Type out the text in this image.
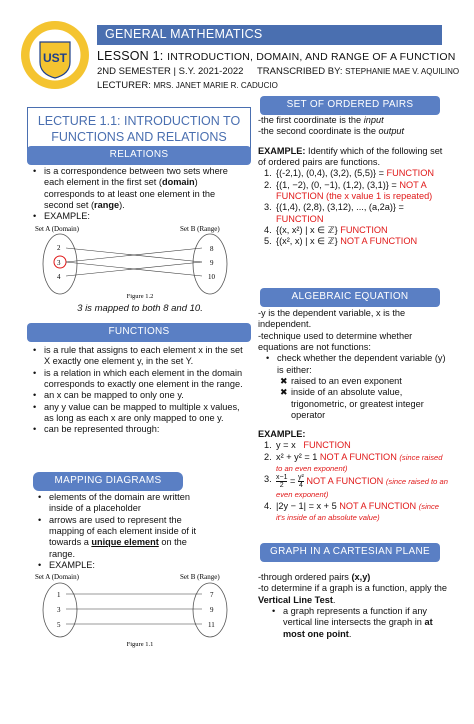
UST
GENERAL MATHEMATICS
LESSON 1: INTRODUCTION, DOMAIN, AND RANGE OF A FUNCTION
2ND SEMESTER | S.Y. 2021-2022 TRANSCRIBED BY: STEPHANIE MAE V. AQUILINO
LECTURER: MRS. JANET MARIE R. CADUCIO
LECTURE 1.1: INTRODUCTION TO FUNCTIONS AND RELATIONS
RELATIONS
• is a correspondence between two sets where each element in the first set (domain) corresponds to at least one element in the second set (range).
• EXAMPLE:
Set A (Domain)	Set B (Range)
2
3
4
8
9
10
Figure 1.2
3 is mapped to both 8 and 10.
FUNCTIONS
• is a rule that assigns to each element x in the set X exactly one element y, in the set Y.
• is a relation in which each element in the domain corresponds to exactly one element in the range.
• an x can be mapped to only one y.
• any y value can be mapped to multiple x values, as long as each x are only mapped to one y.
• can be represented through:
MAPPING DIAGRAMS
• elements of the domain are written inside of a placeholder
• arrows are used to represent the mapping of each element inside of it towards a unique element on the range.
• EXAMPLE:
Set A (Domain)	Set B (Range)
1
3
5
7
9
11
Figure 1.1
SET OF ORDERED PAIRS
-the first coordinate is the input
-the second coordinate is the output
EXAMPLE: Identify which of the following set of ordered pairs are functions.
1. {(-2,1), (0,4), (3,2), (5,5)} = FUNCTION
2. {(1, −2), (0, −1), (1,2), (3,1)} = NOT A FUNCTION (the x value 1 is repeated)
3. {(1,4), (2,8), (3,12), ..., (a,2a)} = FUNCTION
4. {(x, x²) | x ∈ ℤ} FUNCTION
5. {(x², x) | x ∈ ℤ} NOT A FUNCTION
ALGEBRAIC EQUATION
-y is the dependent variable, x is the independent.
-technique used to determine whether equations are not functions:
• check whether the dependent variable (y) is either:
✖ raised to an even exponent
✖ inside of an absolute value, trigonometric, or greatest integer operator
EXAMPLE:
1. y = x FUNCTION
2. x² + y² = 1 NOT A FUNCTION (since raised to an even exponent)
3. $\frac{x-1}{2} = \frac{\text{y²}}{4}$ NOT A FUNCTION (since raised to an even exponent)
4. |2y − 1| = x + 5 NOT A FUNCTION (since it's inside of an absolute value)
GRAPH IN A CARTESIAN PLANE
-through ordered pairs (x,y)
-to determine if a graph is a function, apply the Vertical Line Test.
• a graph represents a function if any vertical line intersects the graph in at most one point.
